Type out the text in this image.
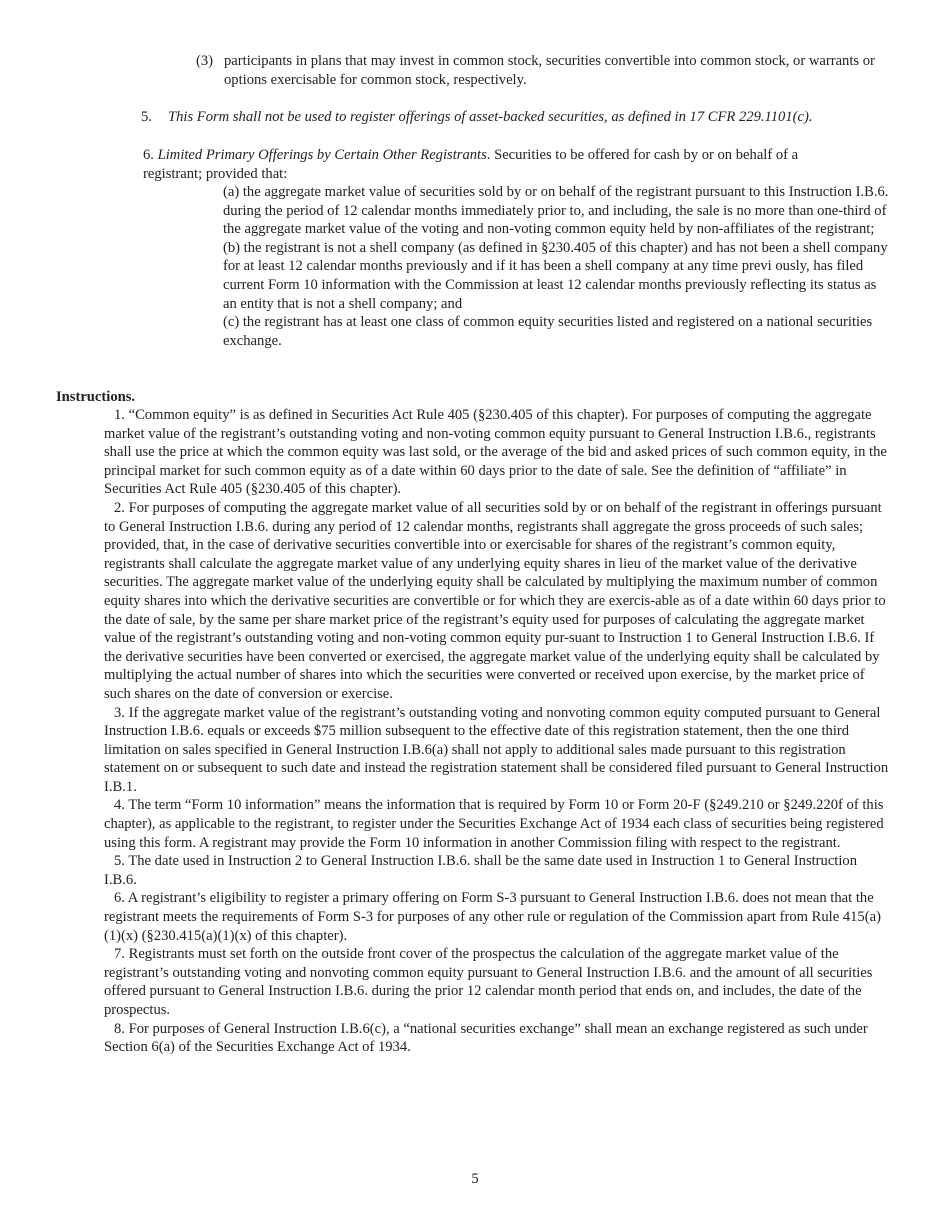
(3) participants in plans that may invest in common stock, securities convertible into common stock, or warrants or options exercisable for common stock, respectively.
5. This Form shall not be used to register offerings of asset-backed securities, as defined in 17 CFR 229.1101(c).
6. Limited Primary Offerings by Certain Other Registrants. Securities to be offered for cash by or on behalf of a registrant; provided that:

(a) the aggregate market value of securities sold by or on behalf of the registrant pursuant to this Instruction I.B.6. during the period of 12 calendar months immediately prior to, and including, the sale is no more than one-third of the aggregate market value of the voting and non-voting common equity held by non-affiliates of the registrant;

(b) the registrant is not a shell company (as defined in §230.405 of this chapter) and has not been a shell company for at least 12 calendar months previously and if it has been a shell company at any time previ ously, has filed current Form 10 information with the Commission at least 12 calendar months previously reflecting its status as an entity that is not a shell company; and

(c) the registrant has at least one class of common equity securities listed and registered on a national securities exchange.

Instructions.

1. “Common equity” is as defined in Securities Act Rule 405 (§230.405 of this chapter). For purposes of computing the aggregate market value of the registrant’s outstanding voting and non-voting common equity pursuant to General Instruction I.B.6., registrants shall use the price at which the common equity was last sold, or the average of the bid and asked prices of such common equity, in the principal market for such common equity as of a date within 60 days prior to the date of sale. See the definition of “affiliate” in Securities Act Rule 405 (§230.405 of this chapter).

2. For purposes of computing the aggregate market value of all securities sold by or on behalf of the registrant in offerings pursuant to General Instruction I.B.6. during any period of 12 calendar months, registrants shall aggregate the gross proceeds of such sales; provided, that, in the case of derivative securities convertible into or exercisable for shares of the registrant’s common equity, registrants shall calculate the aggregate market value of any underlying equity shares in lieu of the market value of the derivative securities. The aggregate market value of the underlying equity shall be calculated by multiplying the maximum number of common equity shares into which the derivative securities are convertible or for which they are exercis-able as of a date within 60 days prior to the date of sale, by the same per share market price of the registrant’s equity used for purposes of calculating the aggregate market value of the registrant’s outstanding voting and non-voting common equity pur-suant to Instruction 1 to General Instruction I.B.6. If the derivative securities have been converted or exercised, the aggregate market value of the underlying equity shall be calculated by multiplying the actual number of shares into which the securities were converted or received upon exercise, by the market price of such shares on the date of conversion or exercise.

3. If the aggregate market value of the registrant’s outstanding voting and nonvoting common equity computed pursuant to General Instruction I.B.6. equals or exceeds $75 million subsequent to the effective date of this registration statement, then the one third limitation on sales specified in General Instruction I.B.6(a) shall not apply to additional sales made pursuant to this registration statement on or subsequent to such date and instead the registration statement shall be considered filed pursuant to General Instruction I.B.1.

4. The term “Form 10 information” means the information that is required by Form 10 or Form 20-F (§249.210 or §249.220f of this chapter), as applicable to the registrant, to register under the Securities Exchange Act of 1934 each class of securities being registered using this form. A registrant may provide the Form 10 information in another Commission filing with respect to the registrant.

5. The date used in Instruction 2 to General Instruction I.B.6. shall be the same date used in Instruction 1 to General Instruction I.B.6.

6. A registrant’s eligibility to register a primary offering on Form S-3 pursuant to General Instruction I.B.6. does not mean that the registrant meets the requirements of Form S-3 for purposes of any other rule or regulation of the Commission apart from Rule 415(a)(1)(x) (§230.415(a)(1)(x) of this chapter).

7. Registrants must set forth on the outside front cover of the prospectus the calculation of the aggregate market value of the registrant’s outstanding voting and nonvoting common equity pursuant to General Instruction I.B.6. and the amount of all securities offered pursuant to General Instruction I.B.6. during the prior 12 calendar month period that ends on, and includes, the date of the prospectus.

8. For purposes of General Instruction I.B.6(c), a “national securities exchange” shall mean an exchange registered as such under Section 6(a) of the Securities Exchange Act of 1934.

5
